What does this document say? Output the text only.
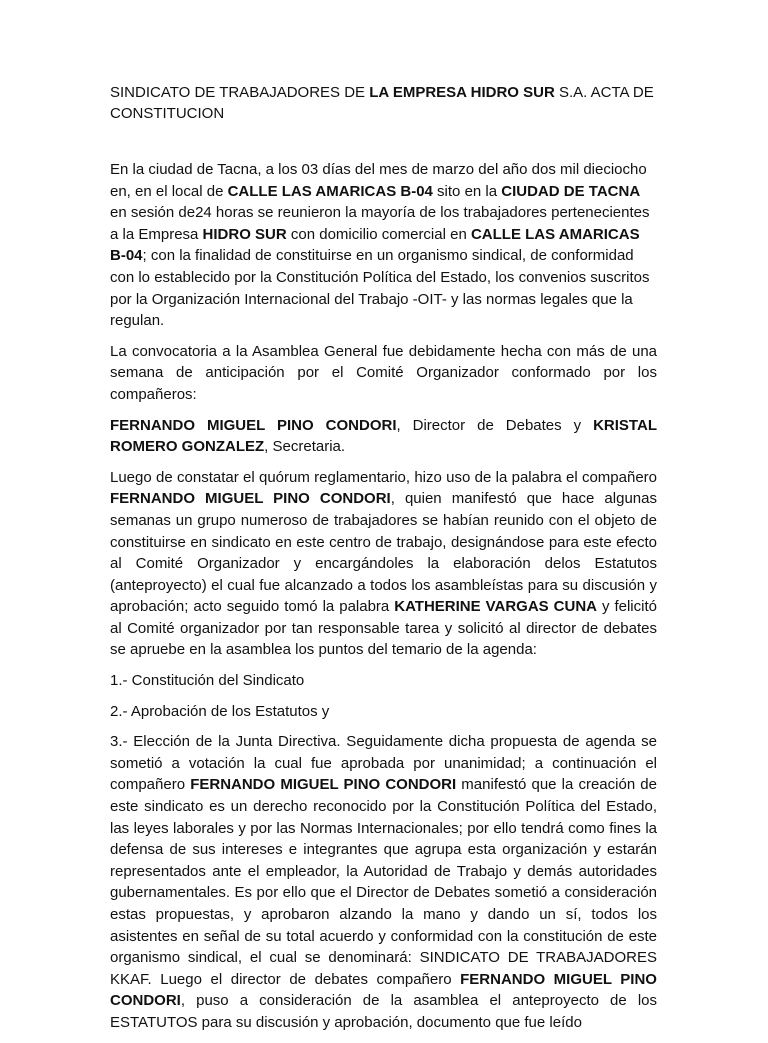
SINDICATO DE TRABAJADORES DE LA EMPRESA HIDRO SUR S.A. ACTA DE CONSTITUCION

En la ciudad de Tacna, a los 03 días del mes de marzo del año dos mil dieciocho en, en el local de CALLE LAS AMARICAS B-04 sito en la CIUDAD DE TACNA en sesión de24 horas se reunieron la mayoría de los trabajadores pertenecientes a la Empresa HIDRO SUR con domicilio comercial en CALLE LAS AMARICAS B-04; con la finalidad de constituirse en un organismo sindical, de conformidad con lo establecido por la Constitución Política del Estado, los convenios suscritos por la Organización Internacional del Trabajo -OIT- y las normas legales que la regulan.

La convocatoria a la Asamblea General fue debidamente hecha con más de una semana de anticipación por el Comité Organizador conformado por los compañeros:

FERNANDO MIGUEL PINO CONDORI, Director de Debates y KRISTAL ROMERO GONZALEZ, Secretaria.

Luego de constatar el quórum reglamentario, hizo uso de la palabra el compañero FERNANDO MIGUEL PINO CONDORI, quien manifestó que hace algunas semanas un grupo numeroso de trabajadores se habían reunido con el objeto de constituirse en sindicato en este centro de trabajo, designándose para este efecto al Comité Organizador y encargándoles la elaboración delos Estatutos (anteproyecto) el cual fue alcanzado a todos los asambleístas para su discusión y aprobación; acto seguido tomó la palabra KATHERINE VARGAS CUNA y felicitó al Comité organizador por tan responsable tarea y solicitó al director de debates se apruebe en la asamblea los puntos del temario de la agenda:

1.- Constitución del Sindicato

2.- Aprobación de los Estatutos y

3.- Elección de la Junta Directiva. Seguidamente dicha propuesta de agenda se sometió a votación la cual fue aprobada por unanimidad; a continuación el compañero FERNANDO MIGUEL PINO CONDORI manifestó que la creación de este sindicato es un derecho reconocido por la Constitución Política del Estado, las leyes laborales y por las Normas Internacionales; por ello tendrá como fines la defensa de sus intereses e integrantes que agrupa esta organización y estarán representados ante el empleador, la Autoridad de Trabajo y demás autoridades gubernamentales. Es por ello que el Director de Debates sometió a consideración estas propuestas, y aprobaron alzando la mano y dando un sí, todos los asistentes en señal de su total acuerdo y conformidad con la constitución de este organismo sindical, el cual se denominará: SINDICATO DE TRABAJADORES KKAF. Luego el director de debates compañero FERNANDO MIGUEL PINO CONDORI, puso a consideración de la asamblea el anteproyecto de los ESTATUTOS para su discusión y aprobación, documento que fue leído
